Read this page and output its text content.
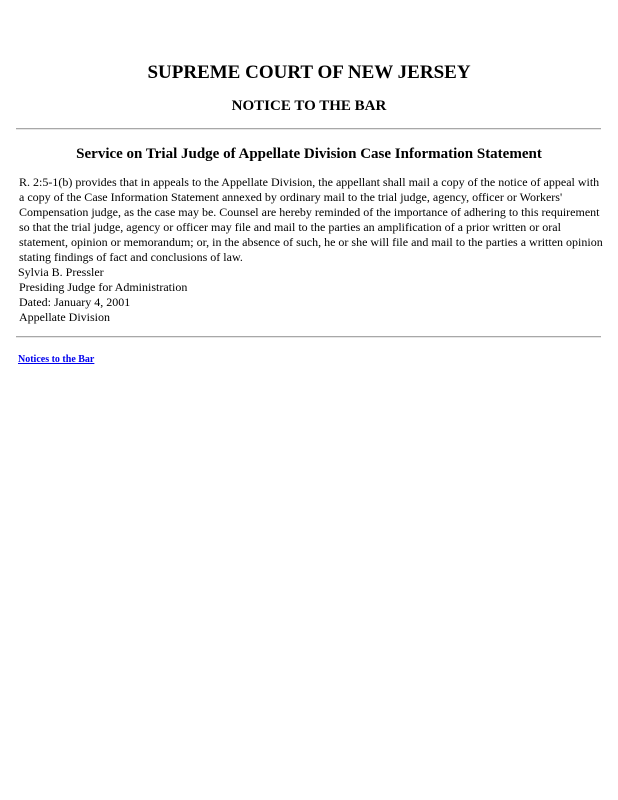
SUPREME COURT OF NEW JERSEY
NOTICE TO THE BAR
Service on Trial Judge of Appellate Division Case Information Statement

R. 2:5-1(b) provides that in appeals to the Appellate Division, the appellant shall mail a copy of the notice of appeal with a copy of the Case Information Statement annexed by ordinary mail to the trial judge, agency, officer or Workers' Compensation judge, as the case may be. Counsel are hereby reminded of the importance of adhering to this requirement so that the trial judge, agency or officer may file and mail to the parties an amplification of a prior written or oral statement, opinion or memorandum; or, in the absence of such, he or she will file and mail to the parties a written opinion stating findings of fact and conclusions of law.

Sylvia B. Pressler
Presiding Judge for Administration
Dated: January 4, 2001
Appellate Division
Notices to the Bar
